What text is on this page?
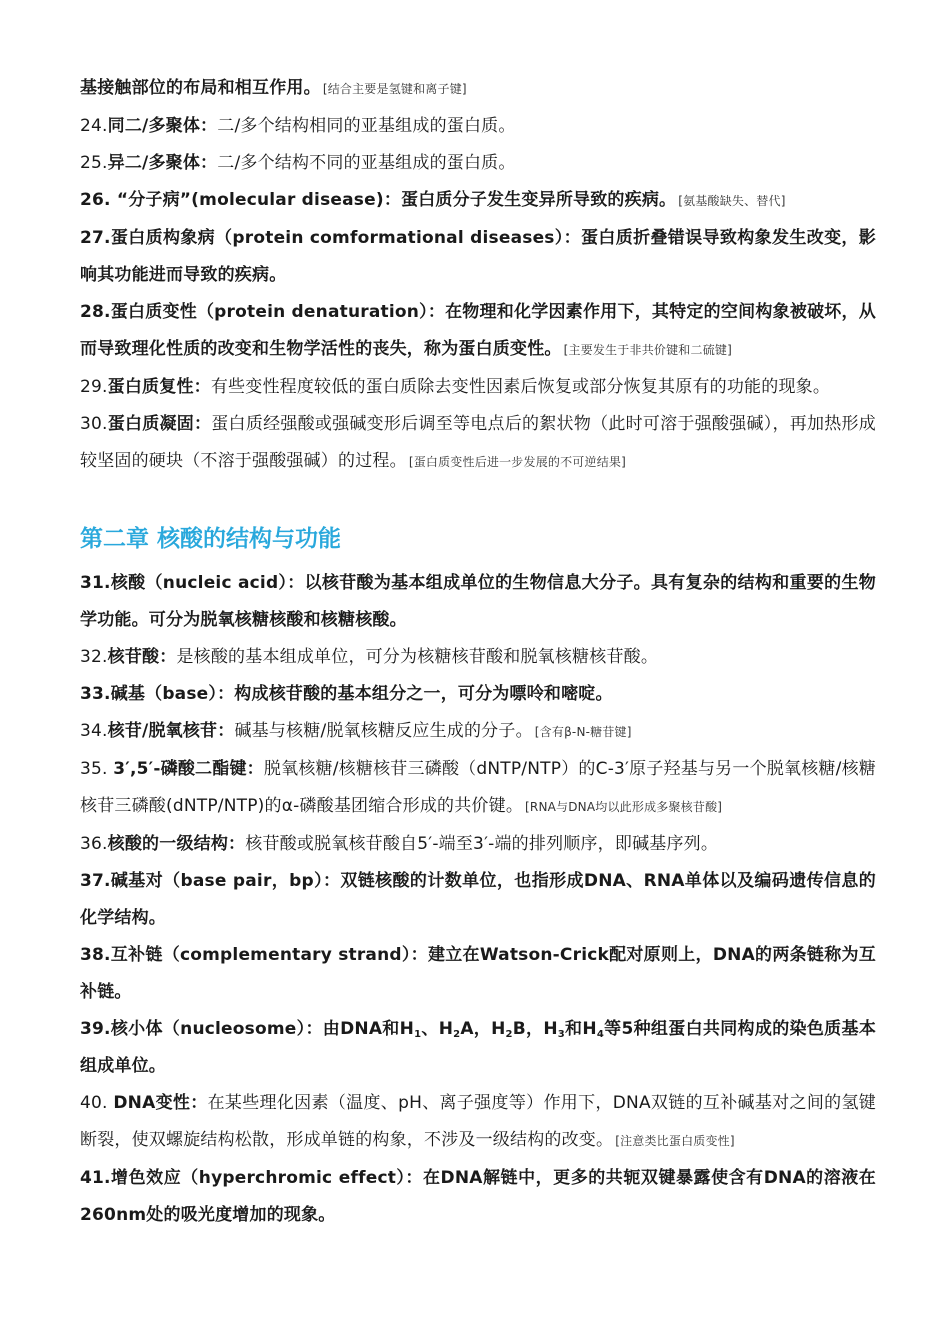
基接触部位的布局和相互作用。 [结合主要是氢键和离子键]

24.同二/多聚体：二/多个结构相同的亚基组成的蛋白质。

25.异二/多聚体：二/多个结构不同的亚基组成的蛋白质。

26. “分子病”(molecular disease)：蛋白质分子发生变异所导致的疾病。 [氨基酸缺失、替代]

27.蛋白质构象病（protein comformational diseases）：蛋白质折叠错误导致构象发生改变，影响其功能进而导致的疾病。

28.蛋白质变性（protein denaturation）：在物理和化学因素作用下，其特定的空间构象被破坏，从而导致理化性质的改变和生物学活性的丧失，称为蛋白质变性。 [主要发生于非共价键和二硫键]

29.蛋白质复性：有些变性程度较低的蛋白质除去变性因素后恢复或部分恢复其原有的功能的现象。

30.蛋白质凝固：蛋白质经强酸或强碱变形后调至等电点后的絮状物（此时可溶于强酸强碱），再加热形成较坚固的硬块（不溶于强酸强碱）的过程。 [蛋白质变性后进一步发展的不可逆结果]

第二章 核酸的结构与功能

31.核酸（nucleic acid）：以核苷酸为基本组成单位的生物信息大分子。具有复杂的结构和重要的生物学功能。可分为脱氧核糖核酸和核糖核酸。

32.核苷酸：是核酸的基本组成单位，可分为核糖核苷酸和脱氧核糖核苷酸。

33.碱基（base）：构成核苷酸的基本组分之一，可分为嘌呤和嘧啶。

34.核苷/脱氧核苷：碱基与核糖/脱氧核糖反应生成的分子。 [含有β-N-糖苷键]

35. 3′,5′-磷酸二酯键：脱氧核糖/核糖核苷三磷酸（dNTP/NTP）的C-3′原子羟基与另一个脱氧核糖/核糖核苷三磷酸(dNTP/NTP)的α-磷酸基团缩合形成的共价键。 [RNA与DNA均以此形成多聚核苷酸]

36.核酸的一级结构：核苷酸或脱氧核苷酸自5′-端至3′-端的排列顺序，即碱基序列。

37.碱基对（base pair，bp）：双链核酸的计数单位，也指形成DNA、RNA单体以及编码遗传信息的化学结构。

38.互补链（complementary strand）：建立在Watson-Crick配对原则上，DNA的两条链称为互补链。

39.核小体（nucleosome）：由DNA和$H_1$、$H_2A$，$H_2B$，$H_3$和$H_4$等5种组蛋白共同构成的染色质基本组成单位。

40. DNA变性：在某些理化因素（温度、pH、离子强度等）作用下，DNA双链的互补碱基对之间的氢键断裂，使双螺旋结构松散，形成单链的构象，不涉及一级结构的改变。 [注意类比蛋白质变性]

41.增色效应（hyperchromic effect）：在DNA解链中，更多的共轭双键暴露使含有DNA的溶液在260nm处的吸光度增加的现象。
